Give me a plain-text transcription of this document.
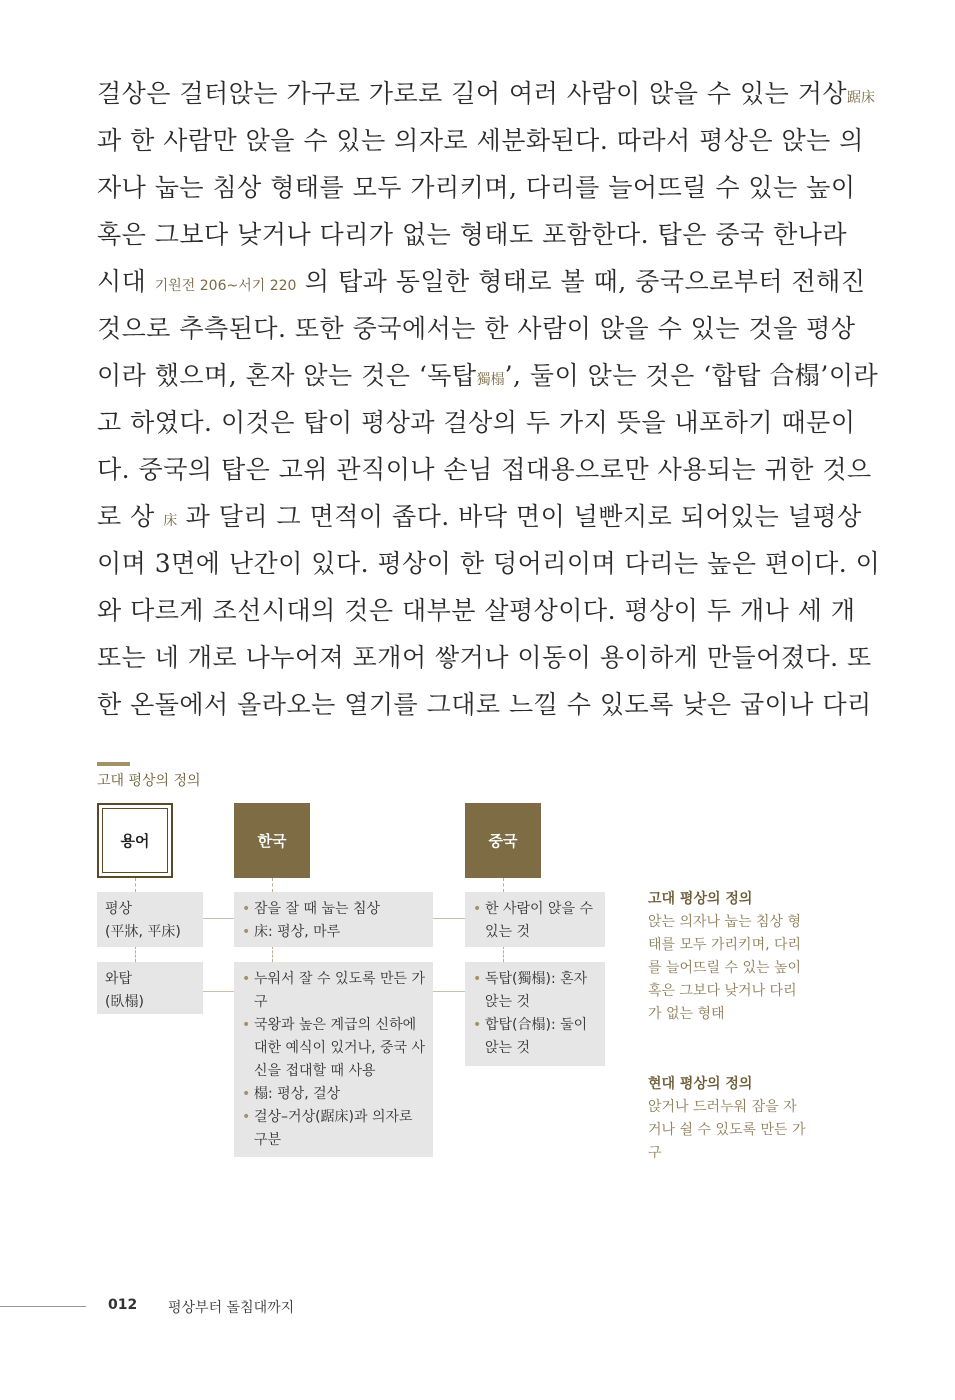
걸상은 걸터앉는 가구로 가로로 길어 여러 사람이 앉을 수 있는 거상踞床
과 한 사람만 앉을 수 있는 의자로 세분화된다. 따라서 평상은 앉는 의
자나 눕는 침상 형태를 모두 가리키며, 다리를 늘어뜨릴 수 있는 높이
혹은 그보다 낮거나 다리가 없는 형태도 포함한다. 탑은 중국 한나라
시대 기원전 206~서기 220 의 탑과 동일한 형태로 볼 때, 중국으로부터 전해진
것으로 추측된다. 또한 중국에서는 한 사람이 앉을 수 있는 것을 평상
이라 했으며, 혼자 앉는 것은 ‘독탑獨榻’, 둘이 앉는 것은 ‘합탑 合榻’이라
고 하였다. 이것은 탑이 평상과 걸상의 두 가지 뜻을 내포하기 때문이
다. 중국의 탑은 고위 관직이나 손님 접대용으로만 사용되는 귀한 것으
로 상 床 과 달리 그 면적이 좁다. 바닥 면이 널빤지로 되어있는 널평상
이며 3면에 난간이 있다. 평상이 한 덩어리이며 다리는 높은 편이다. 이
와 다르게 조선시대의 것은 대부분 살평상이다. 평상이 두 개나 세 개
또는 네 개로 나누어져 포개어 쌓거나 이동이 용이하게 만들어졌다. 또
한 온돌에서 올라오는 열기를 그대로 느낄 수 있도록 낮은 굽이나 다리
고대 평상의 정의
용어	한국	중국
평상
(平牀, 平床)
• 잠을 잘 때 눕는 침상
• 床: 평상, 마루
• 한 사람이 앉을 수 있는 것
와탑
(臥榻)
• 누워서 잘 수 있도록 만든 가구
• 국왕과 높은 계급의 신하에 대한 예식이 있거나, 중국 사신을 접대할 때 사용
• 榻: 평상, 걸상
• 걸상–거상(踞床)과 의자로 구분
• 독탑(獨榻): 혼자 앉는 것
• 합탑(合榻): 둘이 앉는 것
고대 평상의 정의
앉는 의자나 눕는 침상 형태를 모두 가리키며, 다리를 늘어뜨릴 수 있는 높이 혹은 그보다 낮거나 다리가 없는 형태
현대 평상의 정의
앉거나 드러누워 잠을 자거나 쉴 수 있도록 만든 가구
012 평상부터 돌침대까지
